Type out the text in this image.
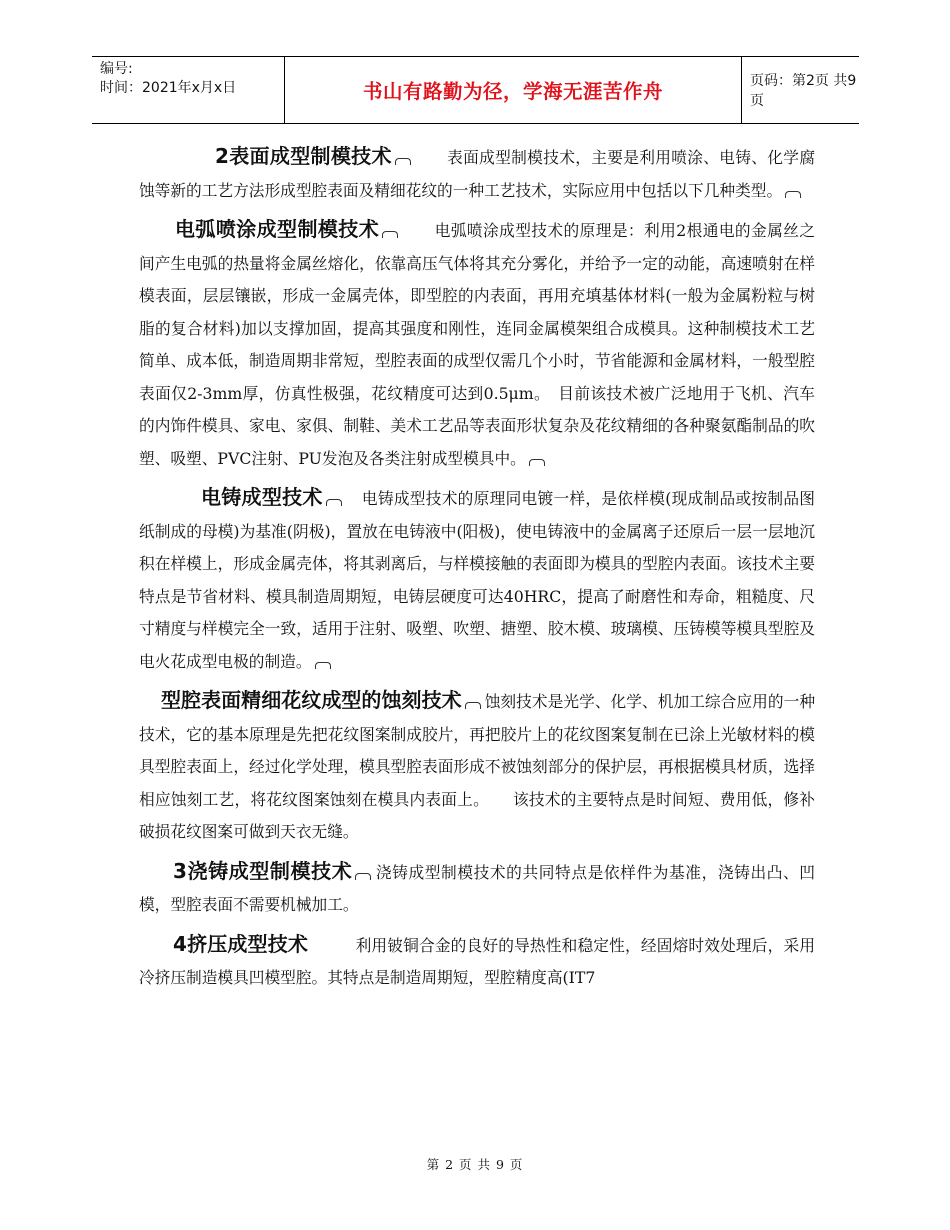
编号:
时间：2021年x月x日	书山有路勤为径，学海无涯苦作舟	页码：第2页 共9页

2表面成型制模技术　　表面成型制模技术，主要是利用喷涂、电铸、化学腐蚀等新的工艺方法形成型腔表面及精细花纹的一种工艺技术，实际应用中包括以下几种类型。

电弧喷涂成型制模技术　　电弧喷涂成型技术的原理是：利用2根通电的金属丝之间产生电弧的热量将金属丝熔化，依靠高压气体将其充分雾化，并给予一定的动能，高速喷射在样模表面，层层镶嵌，形成一金属壳体，即型腔的内表面，再用充填基体材料(一般为金属粉粒与树脂的复合材料)加以支撑加固，提高其强度和刚性，连同金属模架组合成模具。这种制模技术工艺简单、成本低，制造周期非常短，型腔表面的成型仅需几个小时，节省能源和金属材料，一般型腔表面仅2-3mm厚，仿真性极强，花纹精度可达到0.5μm。　目前该技术被广泛地用于飞机、汽车的内饰件模具、家电、家俱、制鞋、美术工艺品等表面形状复杂及花纹精细的各种聚氨酯制品的吹塑、吸塑、PVC注射、PU发泡及各类注射成型模具中。

电铸成型技术　电铸成型技术的原理同电镀一样，是依样模(现成制品或按制品图纸制成的母模)为基准(阴极)，置放在电铸液中(阳极)，使电铸液中的金属离子还原后一层一层地沉积在样模上，形成金属壳体，将其剥离后，与样模接触的表面即为模具的型腔内表面。该技术主要特点是节省材料、模具制造周期短，电铸层硬度可达40HRC，提高了耐磨性和寿命，粗糙度、尺寸精度与样模完全一致，适用于注射、吸塑、吹塑、搪塑、胶木模、玻璃模、压铸模等模具型腔及电火花成型电极的制造。

型腔表面精细花纹成型的蚀刻技术 蚀刻技术是光学、化学、机加工综合应用的一种技术，它的基本原理是先把花纹图案制成胶片，再把胶片上的花纹图案复制在已涂上光敏材料的模具型腔表面上，经过化学处理，模具型腔表面形成不被蚀刻部分的保护层，再根据模具材质，选择相应蚀刻工艺，将花纹图案蚀刻在模具内表面上。　　该技术的主要特点是时间短、费用低，修补破损花纹图案可做到天衣无缝。

3浇铸成型制模技术 浇铸成型制模技术的共同特点是依样件为基准，浇铸出凸、凹模，型腔表面不需要机械加工。

4挤压成型技术　　　利用铍铜合金的良好的导热性和稳定性，经固熔时效处理后，采用冷挤压制造模具凹模型腔。其特点是制造周期短，型腔精度高(IT7

第 2 页 共 9 页
